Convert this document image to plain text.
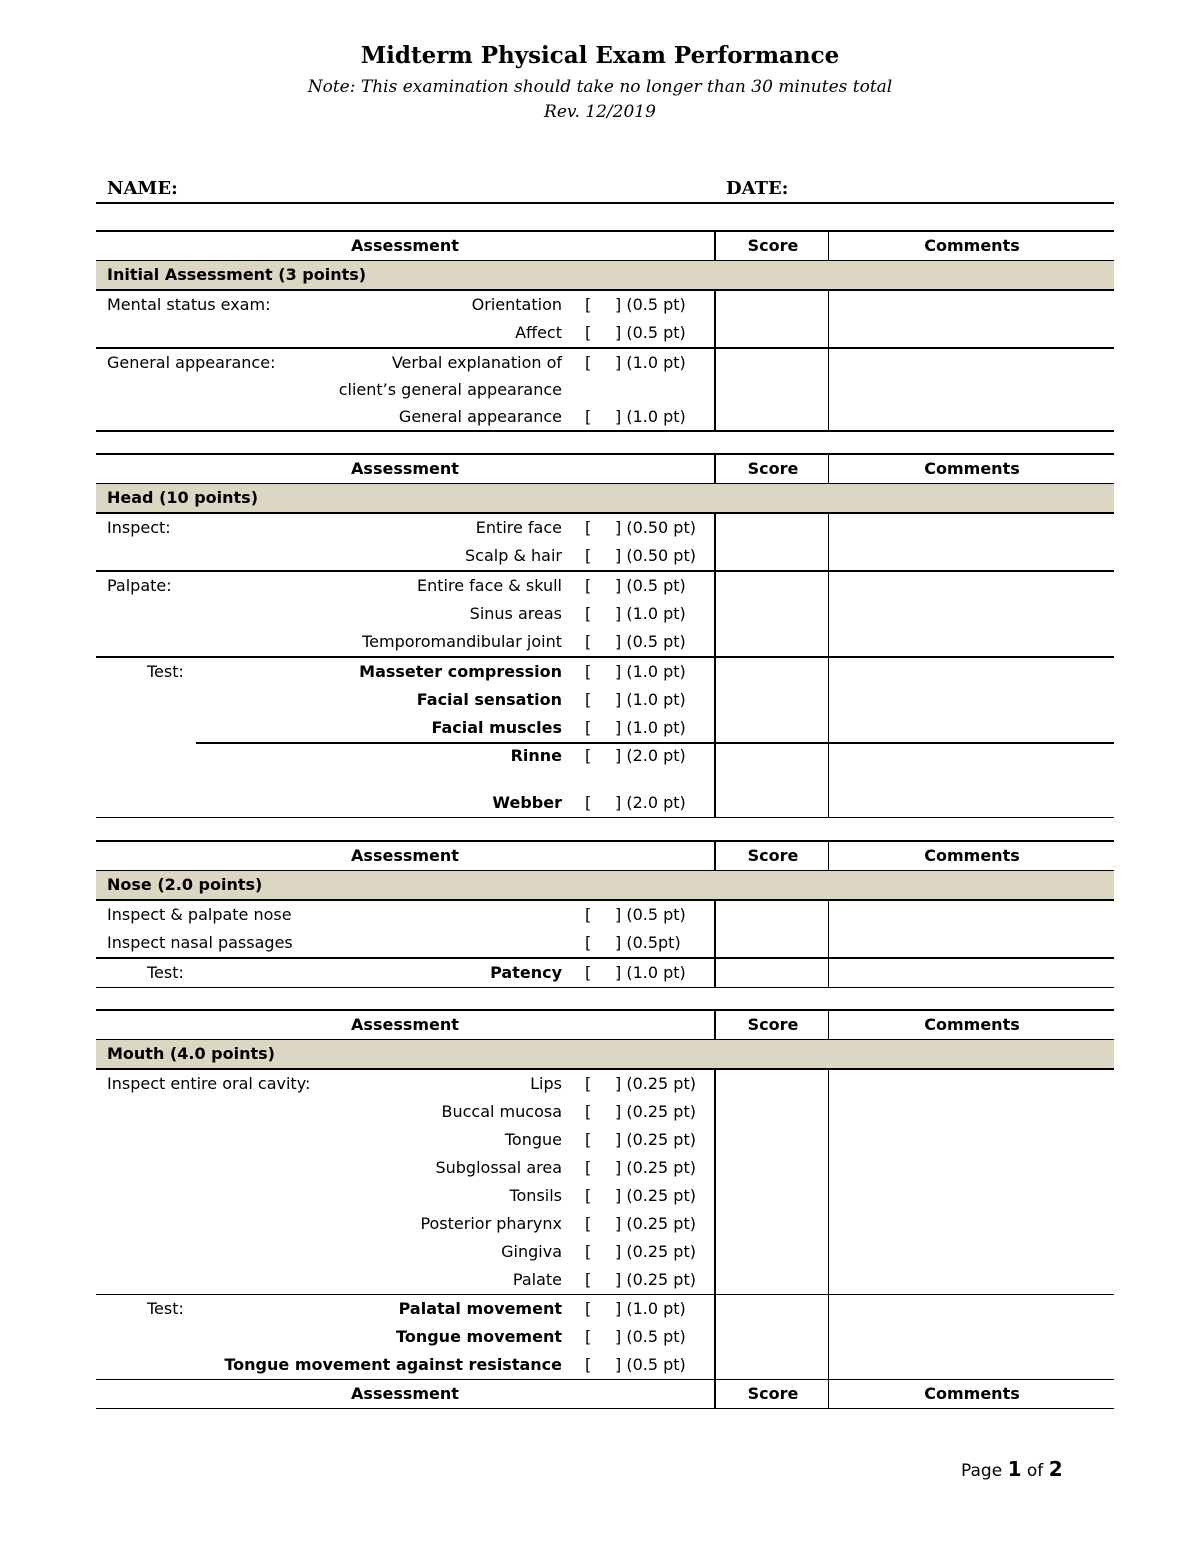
Midterm Physical Exam Performance
Note: This examination should take no longer than 30 minutes total
Rev. 12/2019
NAME:	DATE:
Assessment	Score	Comments
Initial Assessment (3 points)
Mental status exam:	Orientation [ ] (0.5 pt)
Affect [ ] (0.5 pt)
General appearance:	Verbal explanation of [ ] (1.0 pt)
client’s general appearance
General appearance [ ] (1.0 pt)
Assessment	Score	Comments
Head (10 points)
Inspect:	Entire face [ ] (0.50 pt)
Scalp & hair [ ] (0.50 pt)
Palpate:	Entire face & skull [ ] (0.5 pt)
Sinus areas [ ] (1.0 pt)
Temporomandibular joint [ ] (0.5 pt)
Test:	Masseter compression [ ] (1.0 pt)
Facial sensation [ ] (1.0 pt)
Facial muscles [ ] (1.0 pt)
Rinne [ ] (2.0 pt)
Webber [ ] (2.0 pt)
Assessment	Score	Comments
Nose (2.0 points)
Inspect & palpate nose	[ ] (0.5 pt)
Inspect nasal passages	[ ] (0.5pt)
Test:	Patency [ ] (1.0 pt)
Assessment	Score	Comments
Mouth (4.0 points)
Inspect entire oral cavity:	Lips [ ] (0.25 pt)
Buccal mucosa [ ] (0.25 pt)
Tongue [ ] (0.25 pt)
Subglossal area [ ] (0.25 pt)
Tonsils [ ] (0.25 pt)
Posterior pharynx [ ] (0.25 pt)
Gingiva [ ] (0.25 pt)
Palate [ ] (0.25 pt)
Test:	Palatal movement [ ] (1.0 pt)
Tongue movement [ ] (0.5 pt)
Tongue movement against resistance [ ] (0.5 pt)
Assessment	Score	Comments
Page 1 of 2
